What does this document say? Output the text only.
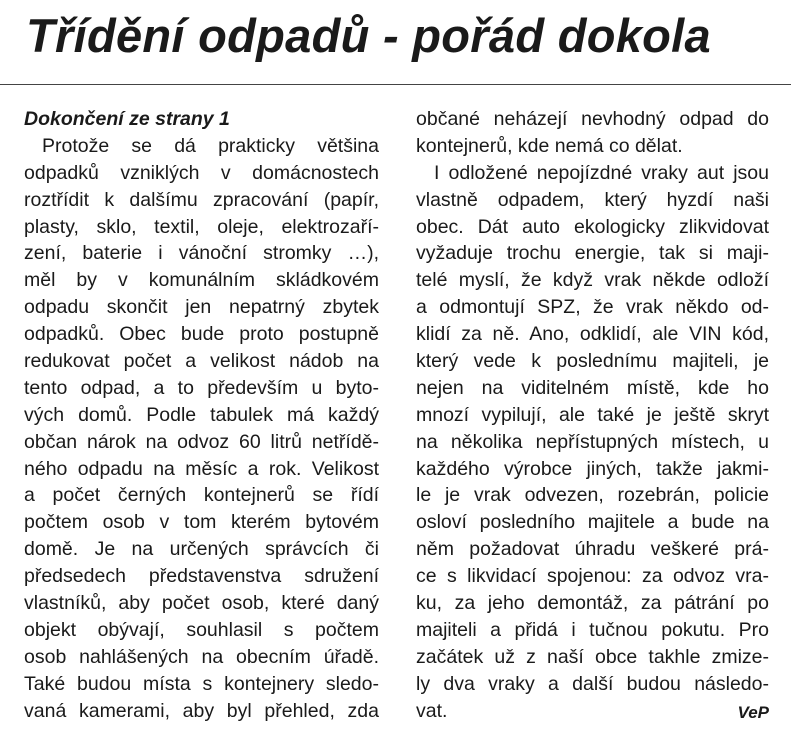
Třídění odpadů - pořád dokola
Dokončení ze strany 1
Protože se dá prakticky většina
odpadků vzniklých v domácnostech
roztřídit k dalšímu zpracování (papír,
plasty, sklo, textil, oleje, elektrozaří-
zení, baterie i vánoční stromky …),
měl by v komunálním skládkovém
odpadu skončit jen nepatrný zbytek
odpadků. Obec bude proto postupně
redukovat počet a velikost nádob na
tento odpad, a to především u byto-
vých domů. Podle tabulek má každý
občan nárok na odvoz 60 litrů netřídě-
ného odpadu na měsíc a rok. Velikost
a počet černých kontejnerů se řídí
počtem osob v tom kterém bytovém
domě. Je na určených správcích či
předsedech představenstva sdružení
vlastníků, aby počet osob, které daný
objekt obývají, souhlasil s počtem
osob nahlášených na obecním úřadě.
Také budou místa s kontejnery sledo-
vaná kamerami, aby byl přehled, zda
občané neházejí nevhodný odpad do
kontejnerů, kde nemá co dělat.
I odložené nepojízdné vraky aut jsou
vlastně odpadem, který hyzdí naši
obec. Dát auto ekologicky zlikvidovat
vyžaduje trochu energie, tak si maji-
telé myslí, že když vrak někde odloží
a odmontují SPZ, že vrak někdo od-
klidí za ně. Ano, odklidí, ale VIN kód,
který vede k poslednímu majiteli, je
nejen na viditelném místě, kde ho
mnozí vypilují, ale také je ještě skryt
na několika nepřístupných místech, u
každého výrobce jiných, takže jakmi-
le je vrak odvezen, rozebrán, policie
osloví posledního majitele a bude na
něm požadovat úhradu veškeré prá-
ce s likvidací spojenou: za odvoz vra-
ku, za jeho demontáž, za pátrání po
majiteli a přidá i tučnou pokutu. Pro
začátek už z naší obce takhle zmize-
ly dva vraky a další budou následo-
vat.	VeP
